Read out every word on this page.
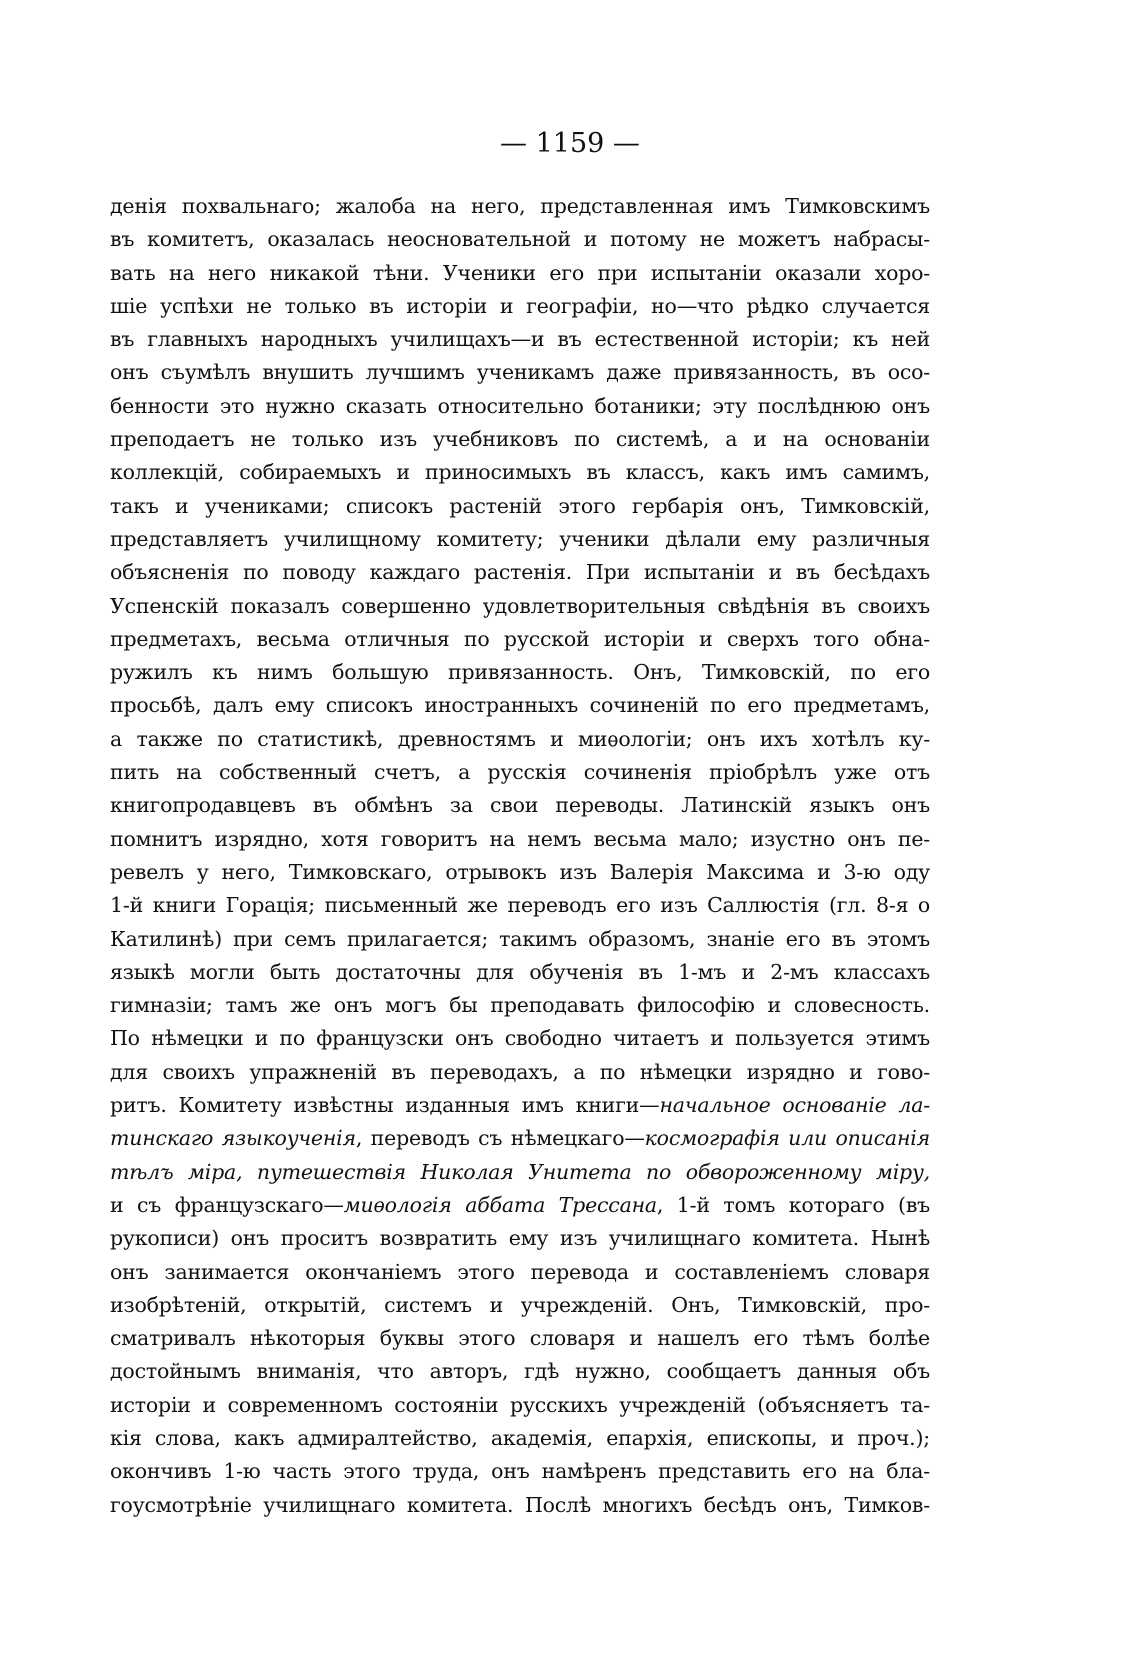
— 1159 —
денія похвальнаго; жалоба на него, представленная имъ Тимковскимъ
въ комитетъ, оказалась неосновательной и потому не можетъ набрасы-
вать на него никакой тѣни. Ученики его при испытаніи оказали хоро-
шіе успѣхи не только въ исторіи и географіи, но—что рѣдко случается
въ главныхъ народныхъ училищахъ—и въ естественной исторіи; къ ней
онъ съумѣлъ внушить лучшимъ ученикамъ даже привязанность, въ осо-
бенности это нужно сказать относительно ботаники; эту послѣднюю онъ
преподаетъ не только изъ учебниковъ по системѣ, а и на основаніи
коллекцій, собираемыхъ и приносимыхъ въ классъ, какъ имъ самимъ,
такъ и учениками; списокъ растеній этого гербарія онъ, Тимковскій,
представляетъ училищному комитету; ученики дѣлали ему различныя
объясненія по поводу каждаго растенія. При испытаніи и въ бесѣдахъ
Успенскій показалъ совершенно удовлетворительныя свѣдѣнія въ своихъ
предметахъ, весьма отличныя по русской исторіи и сверхъ того обна-
ружилъ къ нимъ большую привязанность. Онъ, Тимковскій, по его
просьбѣ, далъ ему списокъ иностранныхъ сочиненій по его предметамъ,
а также по статистикѣ, древностямъ и миѳологіи; онъ ихъ хотѣлъ ку-
пить на собственный счетъ, а русскія сочиненія пріобрѣлъ уже отъ
книгопродавцевъ въ обмѣнъ за свои переводы. Латинскій языкъ онъ
помнитъ изрядно, хотя говоритъ на немъ весьма мало; изустно онъ пе-
ревелъ у него, Тимковскаго, отрывокъ изъ Валерія Максима и 3-ю оду
1-й книги Горація; письменный же переводъ его изъ Саллюстія (гл. 8-я о
Катилинѣ) при семъ прилагается; такимъ образомъ, знаніе его въ этомъ
языкѣ могли быть достаточны для обученія въ 1-мъ и 2-мъ классахъ
гимназіи; тамъ же онъ могъ бы преподавать философію и словесность.
По нѣмецки и по французски онъ свободно читаетъ и пользуется этимъ
для своихъ упражненій въ переводахъ, а по нѣмецки изрядно и гово-
ритъ. Комитету извѣстны изданныя имъ книги—начальное основаніе ла-
тинскаго языкоученія, переводъ съ нѣмецкаго—космографія или описанія
тѣлъ міра, путешествія Николая Унитета по обвороженному міру,
и съ французскаго—миѳологія аббата Трессана, 1-й томъ котораго (въ
рукописи) онъ проситъ возвратить ему изъ училищнаго комитета. Нынѣ
онъ занимается окончаніемъ этого перевода и составленіемъ словаря
изобрѣтеній, открытій, системъ и учрежденій. Онъ, Тимковскій, про-
сматривалъ нѣкоторыя буквы этого словаря и нашелъ его тѣмъ болѣе
достойнымъ вниманія, что авторъ, гдѣ нужно, сообщаетъ данныя объ
исторіи и современномъ состояніи русскихъ учрежденій (объясняетъ та-
кія слова, какъ адмиралтейство, академія, епархія, епископы, и проч.);
окончивъ 1-ю часть этого труда, онъ намѣренъ представить его на бла-
гоусмотрѣніе училищнаго комитета. Послѣ многихъ бесѣдъ онъ, Тимков-
